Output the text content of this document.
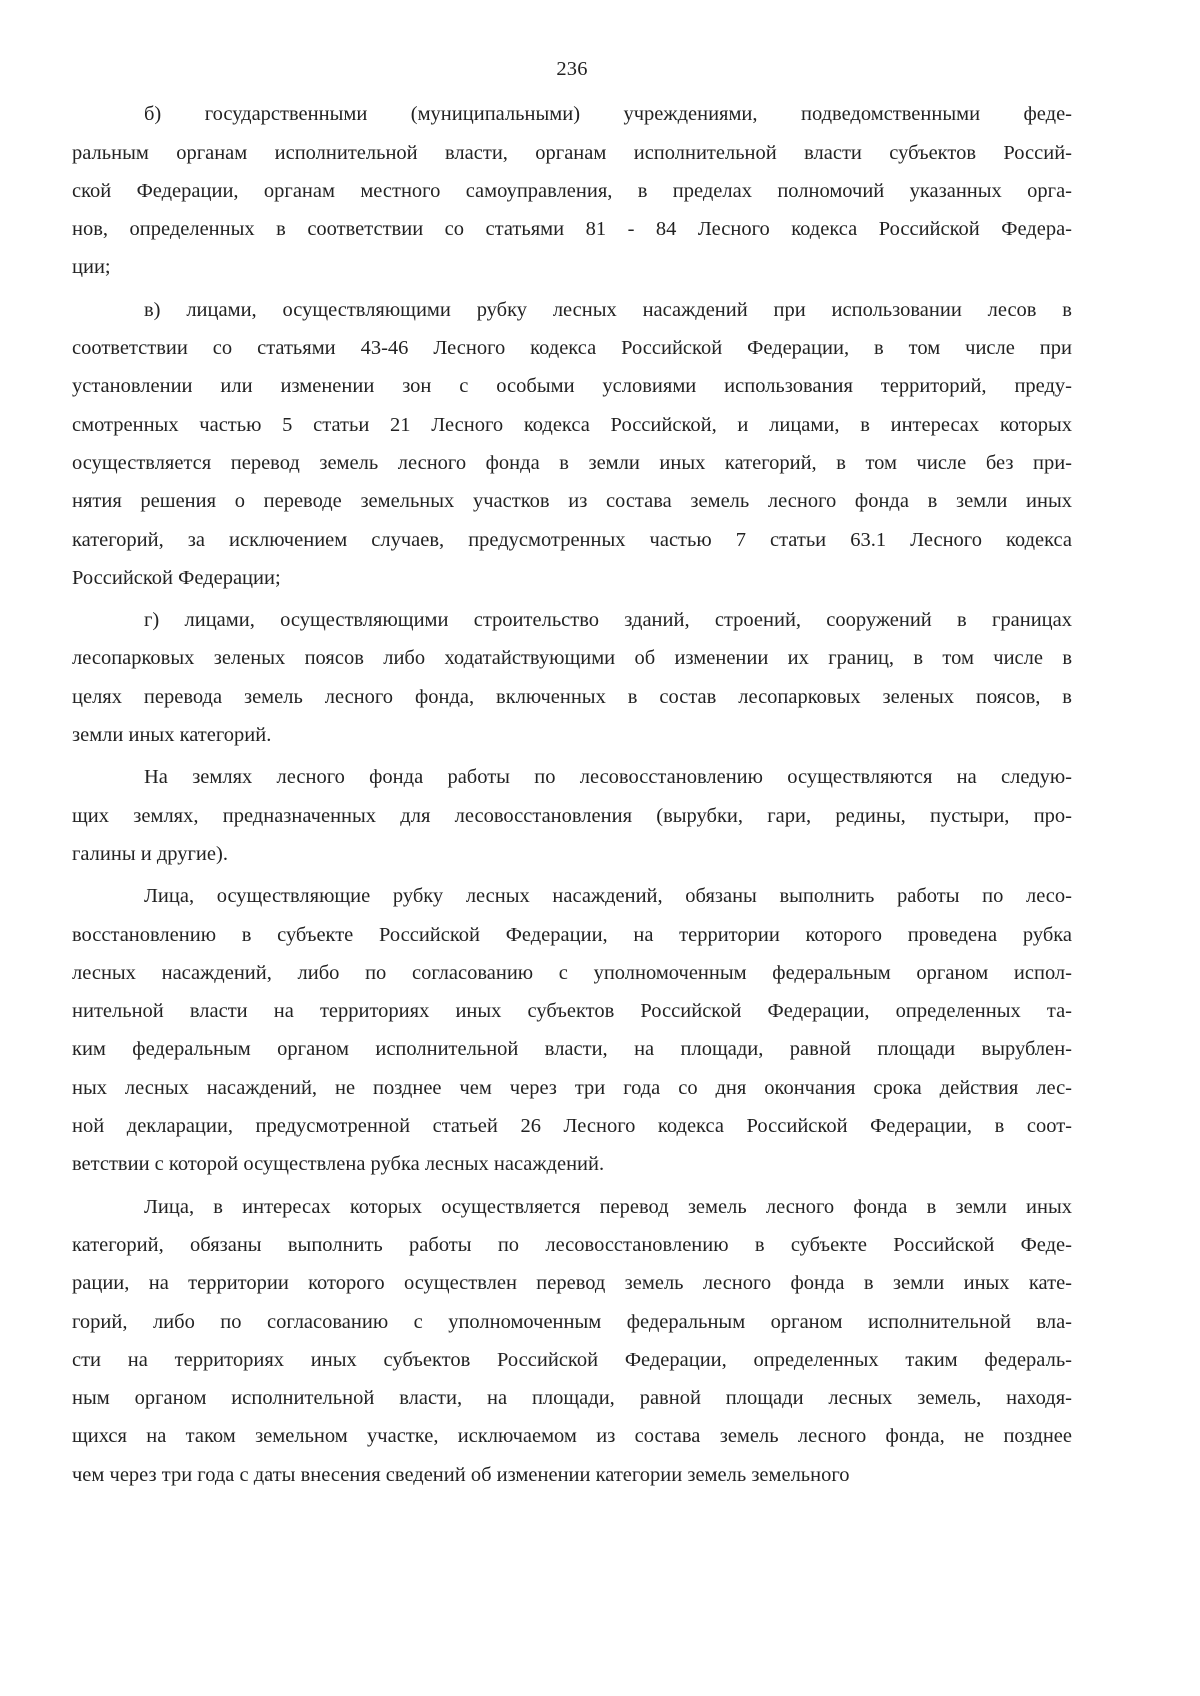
236
б) государственными (муниципальными) учреждениями, подведомственными феде-
ральным органам исполнительной власти, органам исполнительной власти субъектов Россий-
ской Федерации, органам местного самоуправления, в пределах полномочий указанных орга-
нов, определенных в соответствии со статьями 81 - 84 Лесного кодекса Российской Федера-
ции;
в) лицами, осуществляющими рубку лесных насаждений при использовании лесов в
соответствии со статьями 43-46 Лесного кодекса Российской Федерации, в том числе при
установлении или изменении зон с особыми условиями использования территорий, преду-
смотренных частью 5 статьи 21 Лесного кодекса Российской, и лицами, в интересах которых
осуществляется перевод земель лесного фонда в земли иных категорий, в том числе без при-
нятия решения о переводе земельных участков из состава земель лесного фонда в земли иных
категорий, за исключением случаев, предусмотренных частью 7 статьи 63.1 Лесного кодекса
Российской Федерации;
г) лицами, осуществляющими строительство зданий, строений, сооружений в границах
лесопарковых зеленых поясов либо ходатайствующими об изменении их границ, в том числе в
целях перевода земель лесного фонда, включенных в состав лесопарковых зеленых поясов, в
земли иных категорий.
На землях лесного фонда работы по лесовосстановлению осуществляются на следую-
щих землях, предназначенных для лесовосстановления (вырубки, гари, редины, пустыри, про-
галины и другие).
Лица, осуществляющие рубку лесных насаждений, обязаны выполнить работы по лесо-
восстановлению в субъекте Российской Федерации, на территории которого проведена рубка
лесных насаждений, либо по согласованию с уполномоченным федеральным органом испол-
нительной власти на территориях иных субъектов Российской Федерации, определенных та-
ким федеральным органом исполнительной власти, на площади, равной площади вырублен-
ных лесных насаждений, не позднее чем через три года со дня окончания срока действия лес-
ной декларации, предусмотренной статьей 26 Лесного кодекса Российской Федерации, в соот-
ветствии с которой осуществлена рубка лесных насаждений.
Лица, в интересах которых осуществляется перевод земель лесного фонда в земли иных
категорий, обязаны выполнить работы по лесовосстановлению в субъекте Российской Феде-
рации, на территории которого осуществлен перевод земель лесного фонда в земли иных кате-
горий, либо по согласованию с уполномоченным федеральным органом исполнительной вла-
сти на территориях иных субъектов Российской Федерации, определенных таким федераль-
ным органом исполнительной власти, на площади, равной площади лесных земель, находя-
щихся на таком земельном участке, исключаемом из состава земель лесного фонда, не позднее
чем через три года с даты внесения сведений об изменении категории земель земельного
